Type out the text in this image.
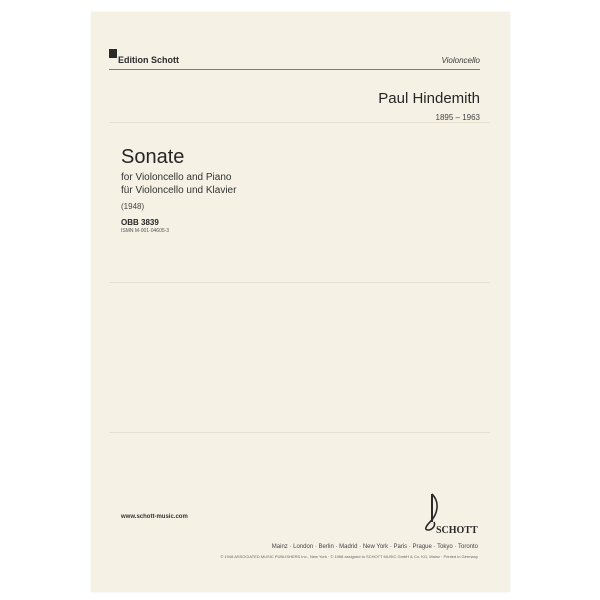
Edition Schott	Violoncello
Paul Hindemith
1895 – 1963
Sonate
for Violoncello and Piano
für Violoncello und Klavier
(1948)
OBB 3839
ISMN M-001-04605-3
www.schott-music.com
SCHOTT
Mainz · London · Berlin · Madrid · New York · Paris · Prague · Tokyo · Toronto
© 1948 ASSOCIATED MUSIC PUBLISHERS Inc., New York · © 1968 assigned to SCHOTT MUSIC GmbH & Co. KG, Mainz · Printed in Germany
